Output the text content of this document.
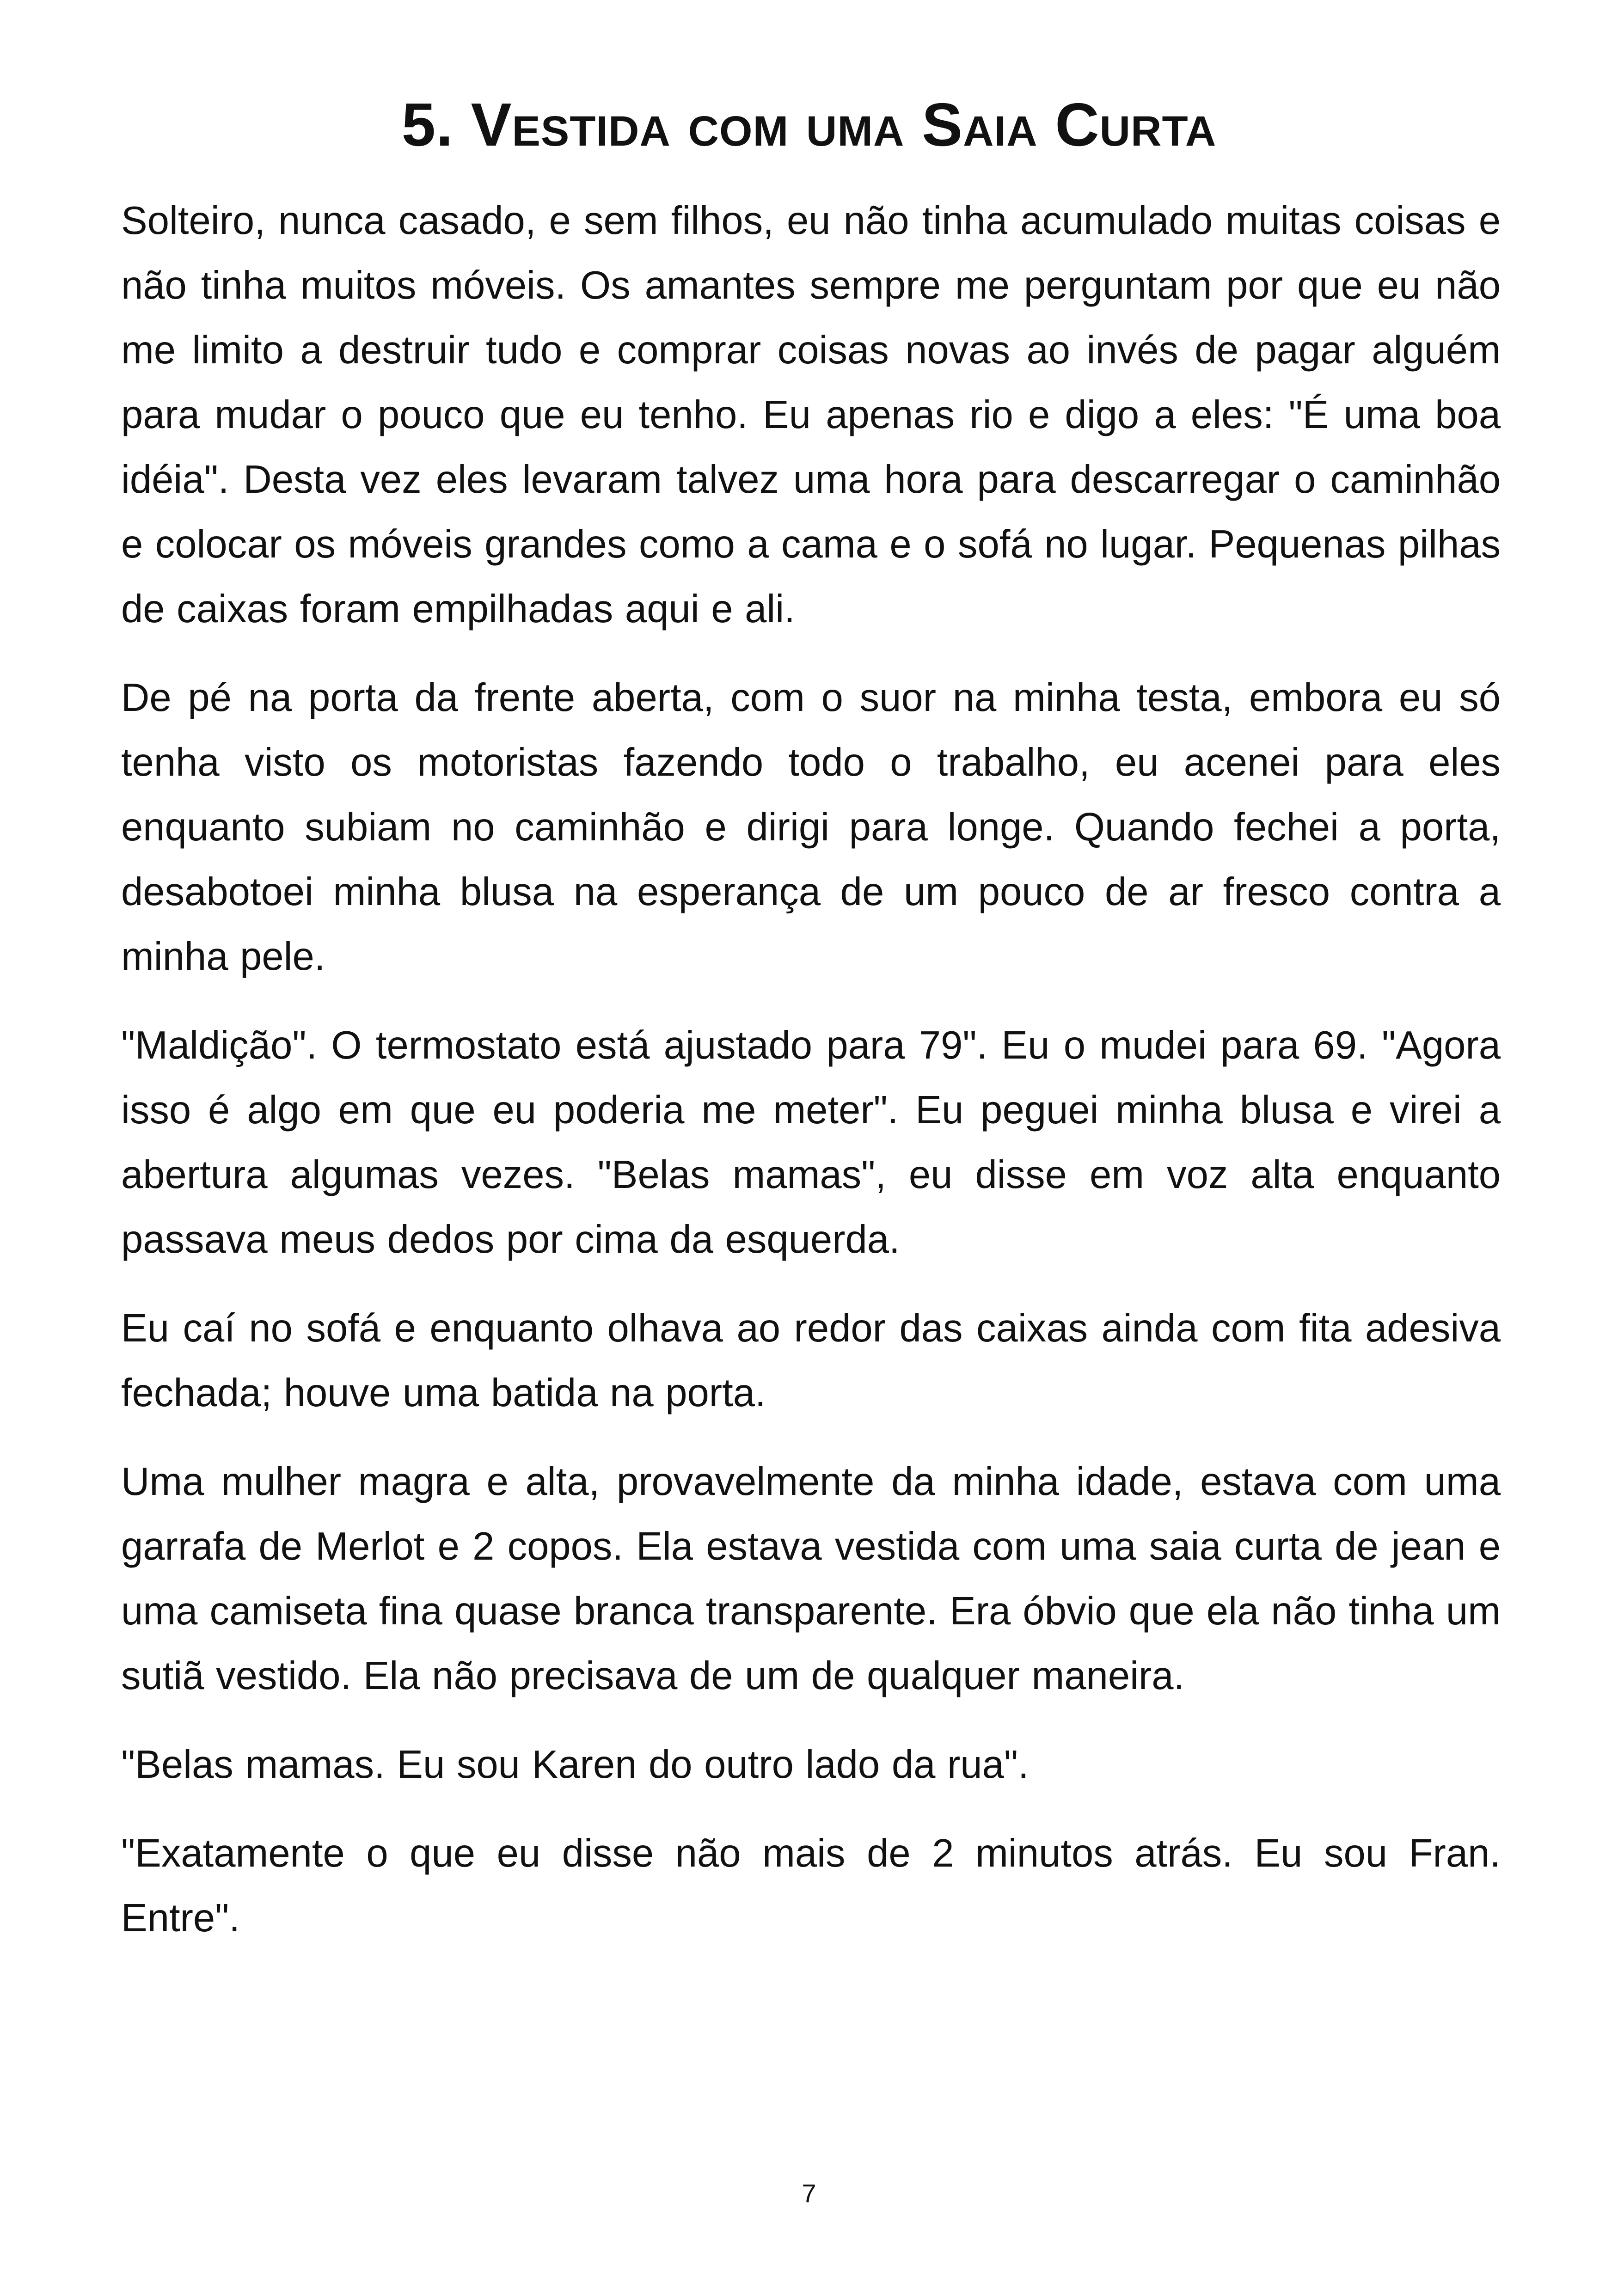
5. Vestida com uma Saia Curta

Solteiro, nunca casado, e sem filhos, eu não tinha acumulado muitas coisas e não tinha muitos móveis. Os amantes sempre me perguntam por que eu não me limito a destruir tudo e comprar coisas novas ao invés de pagar alguém para mudar o pouco que eu tenho. Eu apenas rio e digo a eles: "É uma boa idéia". Desta vez eles levaram talvez uma hora para descarregar o caminhão e colocar os móveis grandes como a cama e o sofá no lugar. Pequenas pilhas de caixas foram empilhadas aqui e ali.

De pé na porta da frente aberta, com o suor na minha testa, embora eu só tenha visto os motoristas fazendo todo o trabalho, eu acenei para eles enquanto subiam no caminhão e dirigi para longe. Quando fechei a porta, desabotoei minha blusa na esperança de um pouco de ar fresco contra a minha pele.

"Maldição". O termostato está ajustado para 79". Eu o mudei para 69. "Agora isso é algo em que eu poderia me meter". Eu peguei minha blusa e virei a abertura algumas vezes. "Belas mamas", eu disse em voz alta enquanto passava meus dedos por cima da esquerda.

Eu caí no sofá e enquanto olhava ao redor das caixas ainda com fita adesiva fechada; houve uma batida na porta.

Uma mulher magra e alta, provavelmente da minha idade, estava com uma garrafa de Merlot e 2 copos. Ela estava vestida com uma saia curta de jean e uma camiseta fina quase branca transparente. Era óbvio que ela não tinha um sutiã vestido. Ela não precisava de um de qualquer maneira.

"Belas mamas. Eu sou Karen do outro lado da rua".

"Exatamente o que eu disse não mais de 2 minutos atrás. Eu sou Fran. Entre".

7
